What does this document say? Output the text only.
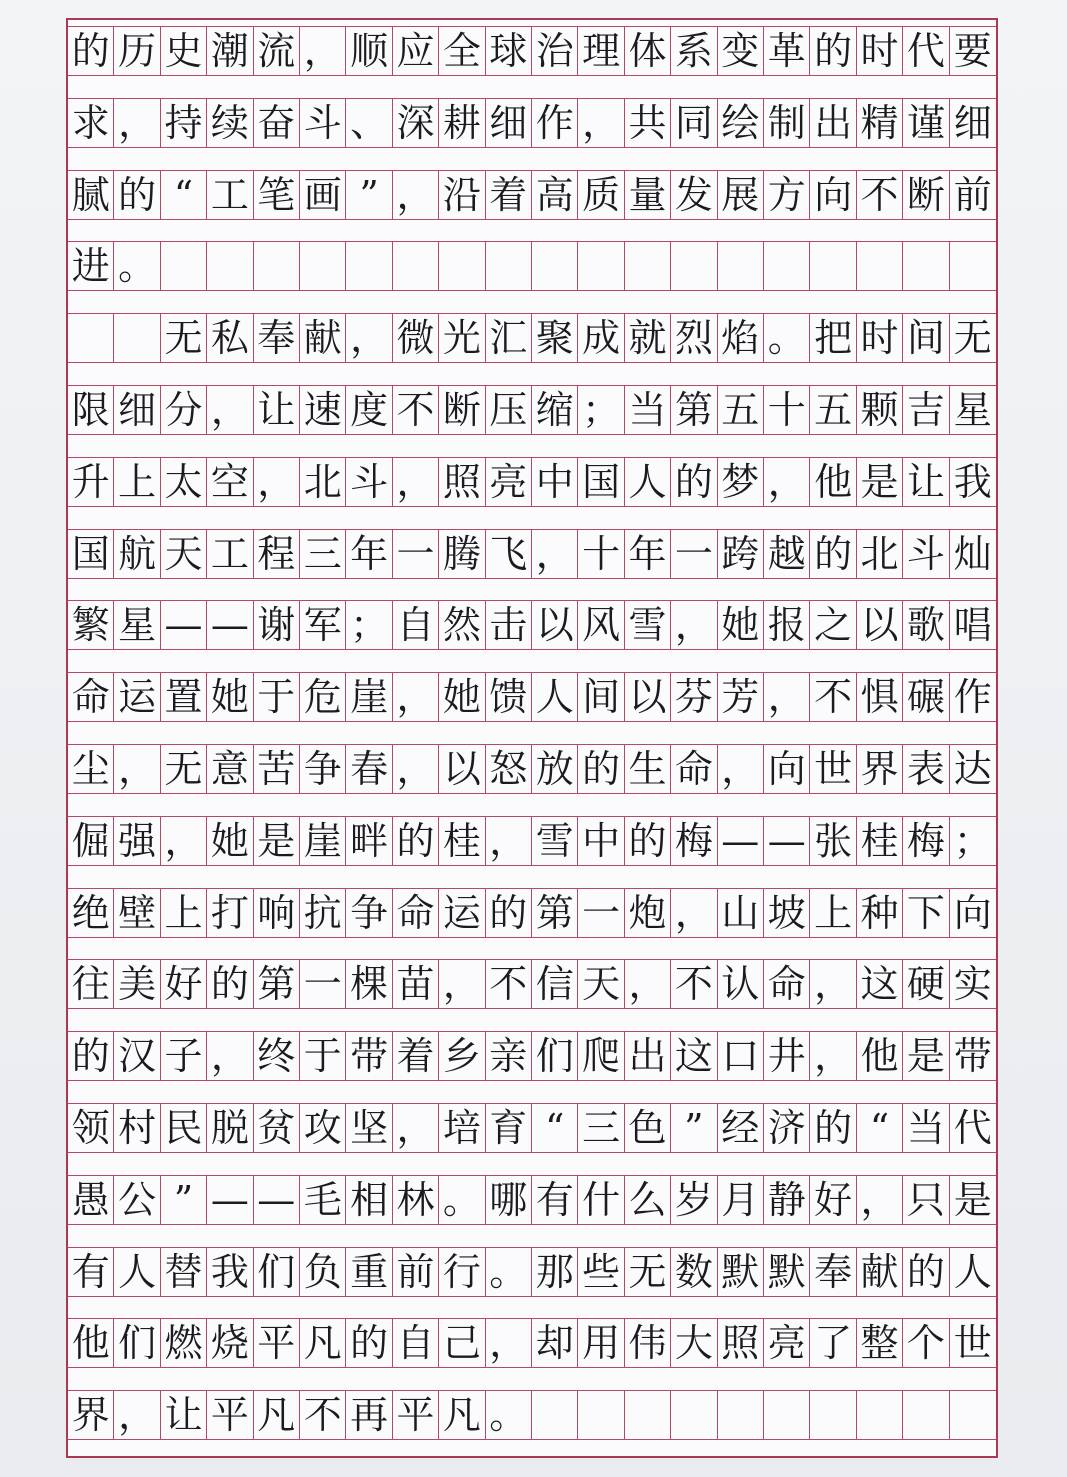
的 历 史 潮 流 ， 顺 应 全 球 治 理 体 系 变 革 的 时 代 要
求 ， 持 续 奋 斗 、 深 耕 细 作 ， 共 同 绘 制 出 精 谨 细
腻 的 “ 工 笔 画 ” ， 沿 着 高 质 量 发 展 方 向 不 断 前
进 。
无 私 奉 献 ， 微 光 汇 聚 成 就 烈 焰 。 把 时 间 无
限 细 分 ， 让 速 度 不 断 压 缩 ； 当 第 五 十 五 颗 吉 星
升 上 太 空 ， 北 斗 ， 照 亮 中 国 人 的 梦 ， 他 是 让 我
国 航 天 工 程 三 年 一 腾 飞 ， 十 年 一 跨 越 的 北 斗 灿
繁 星 — — 谢 军 ； 自 然 击 以 风 雪 ， 她 报 之 以 歌 唱
命 运 置 她 于 危 崖 ， 她 馈 人 间 以 芬 芳 ， 不 惧 碾 作
尘 ， 无 意 苦 争 春 ， 以 怒 放 的 生 命 ， 向 世 界 表 达
倔 强 ， 她 是 崖 畔 的 桂 ， 雪 中 的 梅 — — 张 桂 梅 ；
绝 壁 上 打 响 抗 争 命 运 的 第 一 炮 ， 山 坡 上 种 下 向
往 美 好 的 第 一 棵 苗 ， 不 信 天 ， 不 认 命 ， 这 硬 实
的 汉 子 ， 终 于 带 着 乡 亲 们 爬 出 这 口 井 ， 他 是 带
领 村 民 脱 贫 攻 坚 ， 培 育 “ 三 色 ” 经 济 的 “ 当 代
愚 公 ” — — 毛 相 林 。 哪 有 什 么 岁 月 静 好 ， 只 是
有 人 替 我 们 负 重 前 行 。 那 些 无 数 默 默 奉 献 的 人
他 们 燃 烧 平 凡 的 自 己 ， 却 用 伟 大 照 亮 了 整 个 世
界 ， 让 平 凡 不 再 平 凡 。
